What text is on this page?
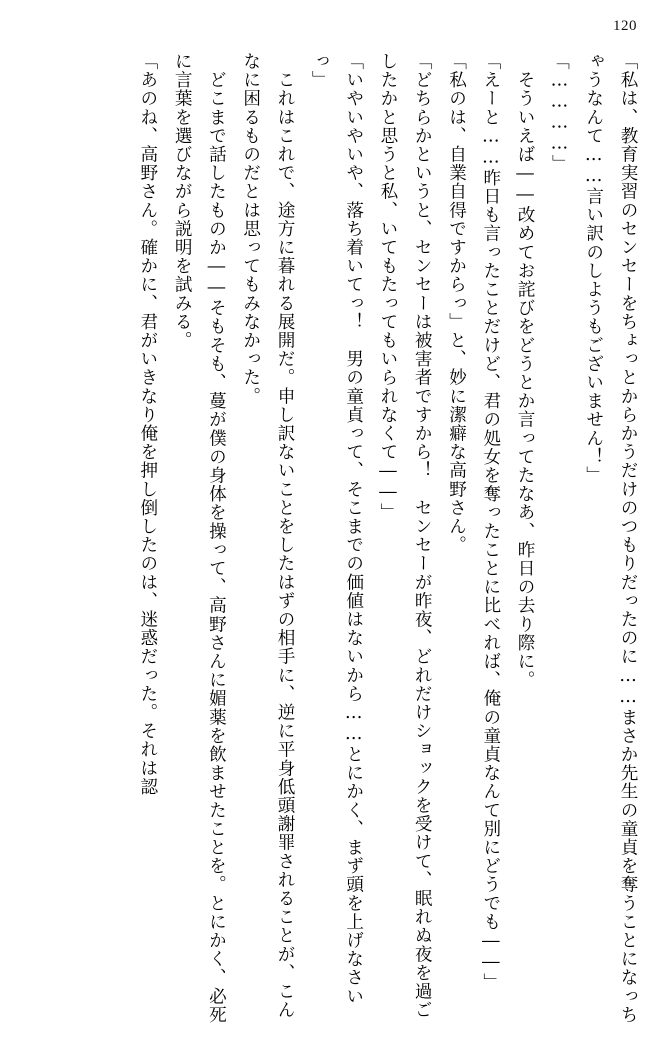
120

「私は、教育実習のセンセーをちょっとからかうだけのつもりだったのに……まさか先生の童貞を奪うことになっちゃうなんて……言い訳のしようもございません！」

「…………」

　そういえば――改めてお詫びをどうとか言ってたなあ、昨日の去り際に。

「えーと……昨日も言ったことだけど、君の処女を奪ったことに比べれば、俺の童貞なんて別にどうでも――」

「私のは、自業自得ですからっ」と、妙に潔癖な高野さん。

「どちらかというと、センセーは被害者ですから！　センセーが昨夜、どれだけショックを受けて、眠れぬ夜を過ごしたかと思うと私、いてもたってもいられなくて――」

「いやいやいや、落ち着いてっ！　男の童貞って、そこまでの価値はないから……とにかく、まず頭を上げなさいっ」

　これはこれで、途方に暮れる展開だ。申し訳ないことをしたはずの相手に、逆に平身低頭謝罪されることが、こんなに困るものだとは思ってもみなかった。

　どこまで話したものか――そもそも、蔓が僕の身体を操って、高野さんに媚薬を飲ませたことを。とにかく、必死に言葉を選びながら説明を試みる。

「あのね、高野さん。確かに、君がいきなり俺を押し倒したのは、迷惑だった。それは認
